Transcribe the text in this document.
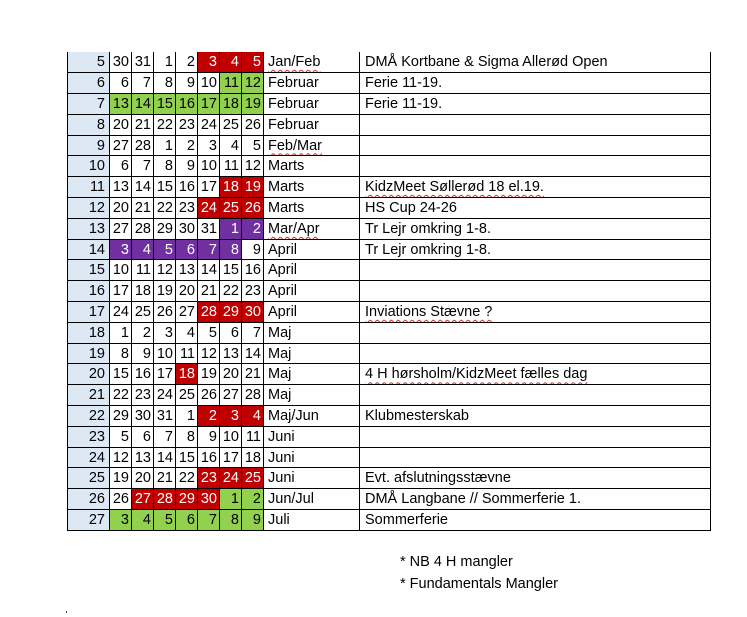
5	30	31	1	2	3	4	5	Jan/Feb	DMÅ Kortbane & Sigma Allerød Open
6	6	7	8	9	10	11	12	Februar	Ferie 11-19.
7	13	14	15	16	17	18	19	Februar	Ferie 11-19.
8	20	21	22	23	24	25	26	Februar	
9	27	28	1	2	3	4	5	Feb/Mar	
10	6	7	8	9	10	11	12	Marts	
11	13	14	15	16	17	18	19	Marts	KidzMeet Søllerød 18 el.19.
12	20	21	22	23	24	25	26	Marts	HS Cup 24-26
13	27	28	29	30	31	1	2	Mar/Apr	Tr Lejr omkring 1-8.
14	3	4	5	6	7	8	9	April	Tr Lejr omkring 1-8.
15	10	11	12	13	14	15	16	April	
16	17	18	19	20	21	22	23	April	
17	24	25	26	27	28	29	30	April	Inviations Stævne ?
18	1	2	3	4	5	6	7	Maj	
19	8	9	10	11	12	13	14	Maj	
20	15	16	17	18	19	20	21	Maj	4 H hørsholm/KidzMeet fælles dag
21	22	23	24	25	26	27	28	Maj	
22	29	30	31	1	2	3	4	Maj/Jun	Klubmesterskab
23	5	6	7	8	9	10	11	Juni	
24	12	13	14	15	16	17	18	Juni	
25	19	20	21	22	23	24	25	Juni	Evt. afslutningsstævne
26	26	27	28	29	30	1	2	Jun/Jul	DMÅ Langbane // Sommerferie 1.
27	3	4	5	6	7	8	9	Juli	Sommerferie
* NB 4 H mangler
* Fundamentals Mangler
